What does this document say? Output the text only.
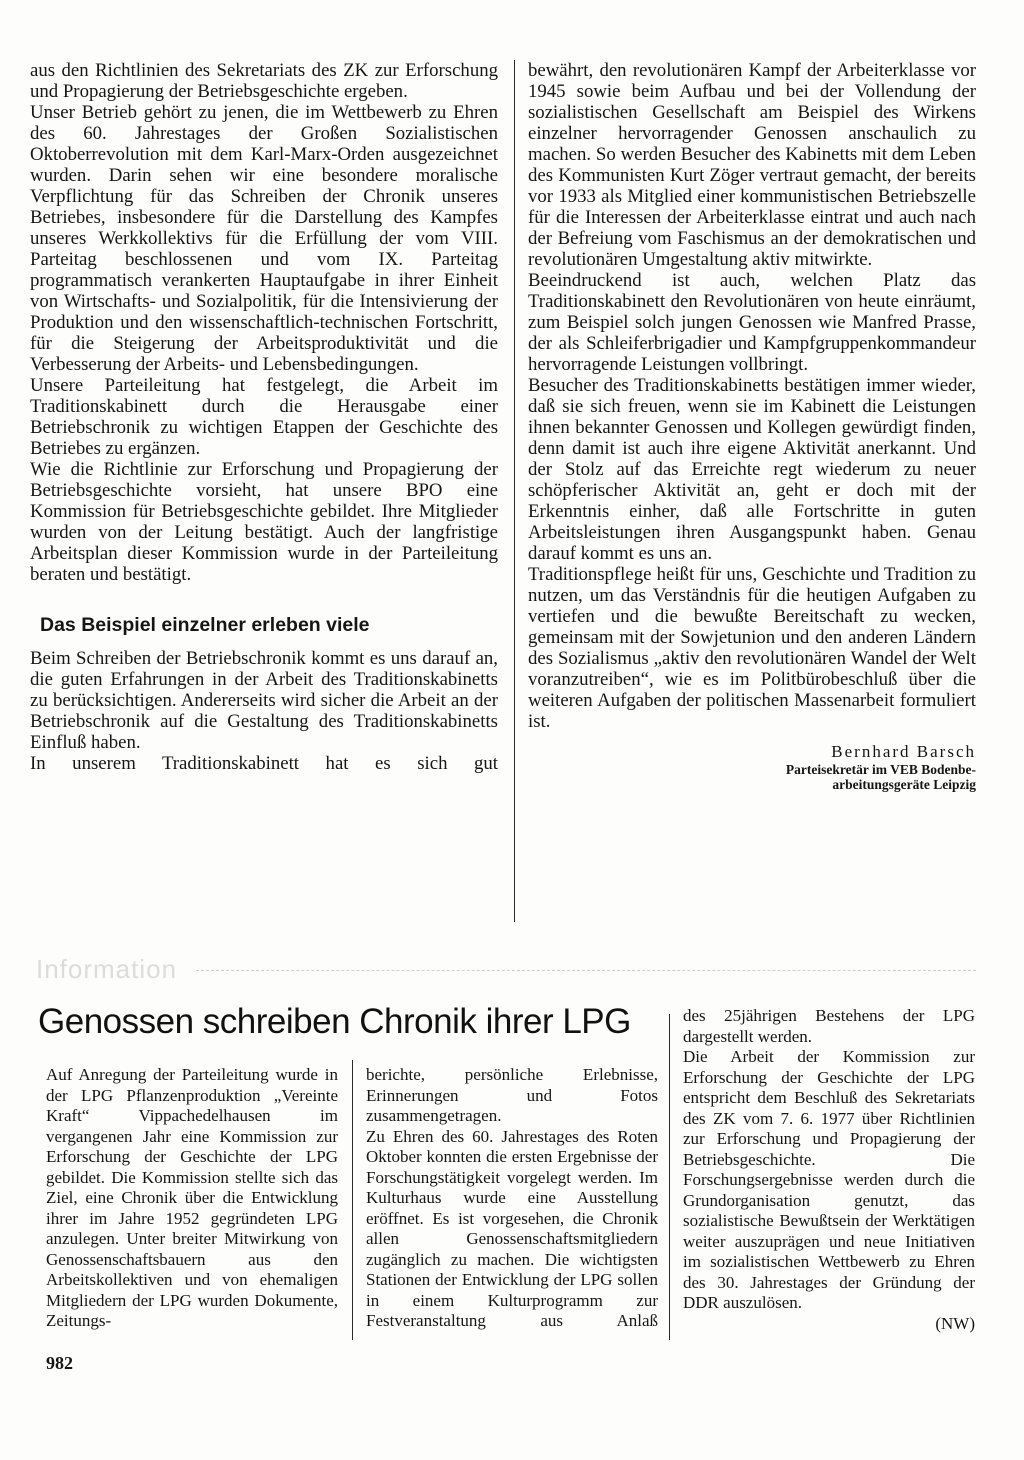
aus den Richtlinien des Sekretariats des ZK zur Erforschung und Propagierung der Betriebsgeschichte ergeben.

Unser Betrieb gehört zu jenen, die im Wettbewerb zu Ehren des 60. Jahrestages der Großen Sozialistischen Oktoberrevolution mit dem Karl-Marx-Orden ausgezeichnet wurden. Darin sehen wir eine besondere moralische Verpflichtung für das Schreiben der Chronik unseres Betriebes, insbesondere für die Darstellung des Kampfes unseres Werkkollektivs für die Erfüllung der vom VIII. Parteitag beschlossenen und vom IX. Parteitag programmatisch verankerten Hauptaufgabe in ihrer Einheit von Wirtschafts- und Sozialpolitik, für die Intensivierung der Produktion und den wissenschaftlich-technischen Fortschritt, für die Steigerung der Arbeitsproduktivität und die Verbesserung der Arbeits- und Lebensbedingungen.

Unsere Parteileitung hat festgelegt, die Arbeit im Traditionskabinett durch die Herausgabe einer Betriebschronik zu wichtigen Etappen der Geschichte des Betriebes zu ergänzen.

Wie die Richtlinie zur Erforschung und Propagierung der Betriebsgeschichte vorsieht, hat unsere BPO eine Kommission für Betriebsgeschichte gebildet. Ihre Mitglieder wurden von der Leitung bestätigt. Auch der langfristige Arbeitsplan dieser Kommission wurde in der Parteileitung beraten und bestätigt.

Das Beispiel einzelner erleben viele

Beim Schreiben der Betriebschronik kommt es uns darauf an, die guten Erfahrungen in der Arbeit des Traditionskabinetts zu berücksichtigen. Andererseits wird sicher die Arbeit an der Betriebschronik auf die Gestaltung des Traditionskabinetts Einfluß haben.

In unserem Traditionskabinett hat es sich gut

bewährt, den revolutionären Kampf der Arbeiterklasse vor 1945 sowie beim Aufbau und bei der Vollendung der sozialistischen Gesellschaft am Beispiel des Wirkens einzelner hervorragender Genossen anschaulich zu machen. So werden Besucher des Kabinetts mit dem Leben des Kommunisten Kurt Zöger vertraut gemacht, der bereits vor 1933 als Mitglied einer kommunistischen Betriebszelle für die Interessen der Arbeiterklasse eintrat und auch nach der Befreiung vom Faschismus an der demokratischen und revolutionären Umgestaltung aktiv mitwirkte.

Beeindruckend ist auch, welchen Platz das Traditionskabinett den Revolutionären von heute einräumt, zum Beispiel solch jungen Genossen wie Manfred Prasse, der als Schleiferbrigadier und Kampfgruppenkommandeur hervorragende Leistungen vollbringt.

Besucher des Traditionskabinetts bestätigen immer wieder, daß sie sich freuen, wenn sie im Kabinett die Leistungen ihnen bekannter Genossen und Kollegen gewürdigt finden, denn damit ist auch ihre eigene Aktivität anerkannt. Und der Stolz auf das Erreichte regt wiederum zu neuer schöpferischer Aktivität an, geht er doch mit der Erkenntnis einher, daß alle Fortschritte in guten Arbeitsleistungen ihren Ausgangspunkt haben. Genau darauf kommt es uns an.

Traditionspflege heißt für uns, Geschichte und Tradition zu nutzen, um das Verständnis für die heutigen Aufgaben zu vertiefen und die bewußte Bereitschaft zu wecken, gemeinsam mit der Sowjetunion und den anderen Ländern des Sozialismus „aktiv den revolutionären Wandel der Welt voranzutreiben“, wie es im Politbürobeschluß über die weiteren Aufgaben der politischen Massenarbeit formuliert ist.

Bernhard Barsch
Parteisekretär im VEB Bodenbe-
arbeitungsgeräte Leipzig
Information
Genossen schreiben Chronik ihrer LPG

Auf Anregung der Parteileitung wurde in der LPG Pflanzenproduktion „Vereinte Kraft“ Vippachedelhausen im vergangenen Jahr eine Kommission zur Erforschung der Geschichte der LPG gebildet. Die Kommission stellte sich das Ziel, eine Chronik über die Entwicklung ihrer im Jahre 1952 gegründeten LPG anzulegen. Unter breiter Mitwirkung von Genossenschaftsbauern aus den Arbeitskollektiven und von ehemaligen Mitgliedern der LPG wurden Dokumente, Zeitungs-

berichte, persönliche Erlebnisse, Erinnerungen und Fotos zusammengetragen.

Zu Ehren des 60. Jahrestages des Roten Oktober konnten die ersten Ergebnisse der Forschungstätigkeit vorgelegt werden. Im Kulturhaus wurde eine Ausstellung eröffnet. Es ist vorgesehen, die Chronik allen Genossenschaftsmitgliedern zugänglich zu machen. Die wichtigsten Stationen der Entwicklung der LPG sollen in einem Kulturprogramm zur Festveranstaltung aus Anlaß

des 25jährigen Bestehens der LPG dargestellt werden.

Die Arbeit der Kommission zur Erforschung der Geschichte der LPG entspricht dem Beschluß des Sekretariats des ZK vom 7. 6. 1977 über Richtlinien zur Erforschung und Propagierung der Betriebsgeschichte. Die Forschungsergebnisse werden durch die Grundorganisation genutzt, das sozialistische Bewußtsein der Werktätigen weiter auszuprägen und neue Initiativen im sozialistischen Wettbewerb zu Ehren des 30. Jahrestages der Gründung der DDR auszulösen.

(NW)

982
